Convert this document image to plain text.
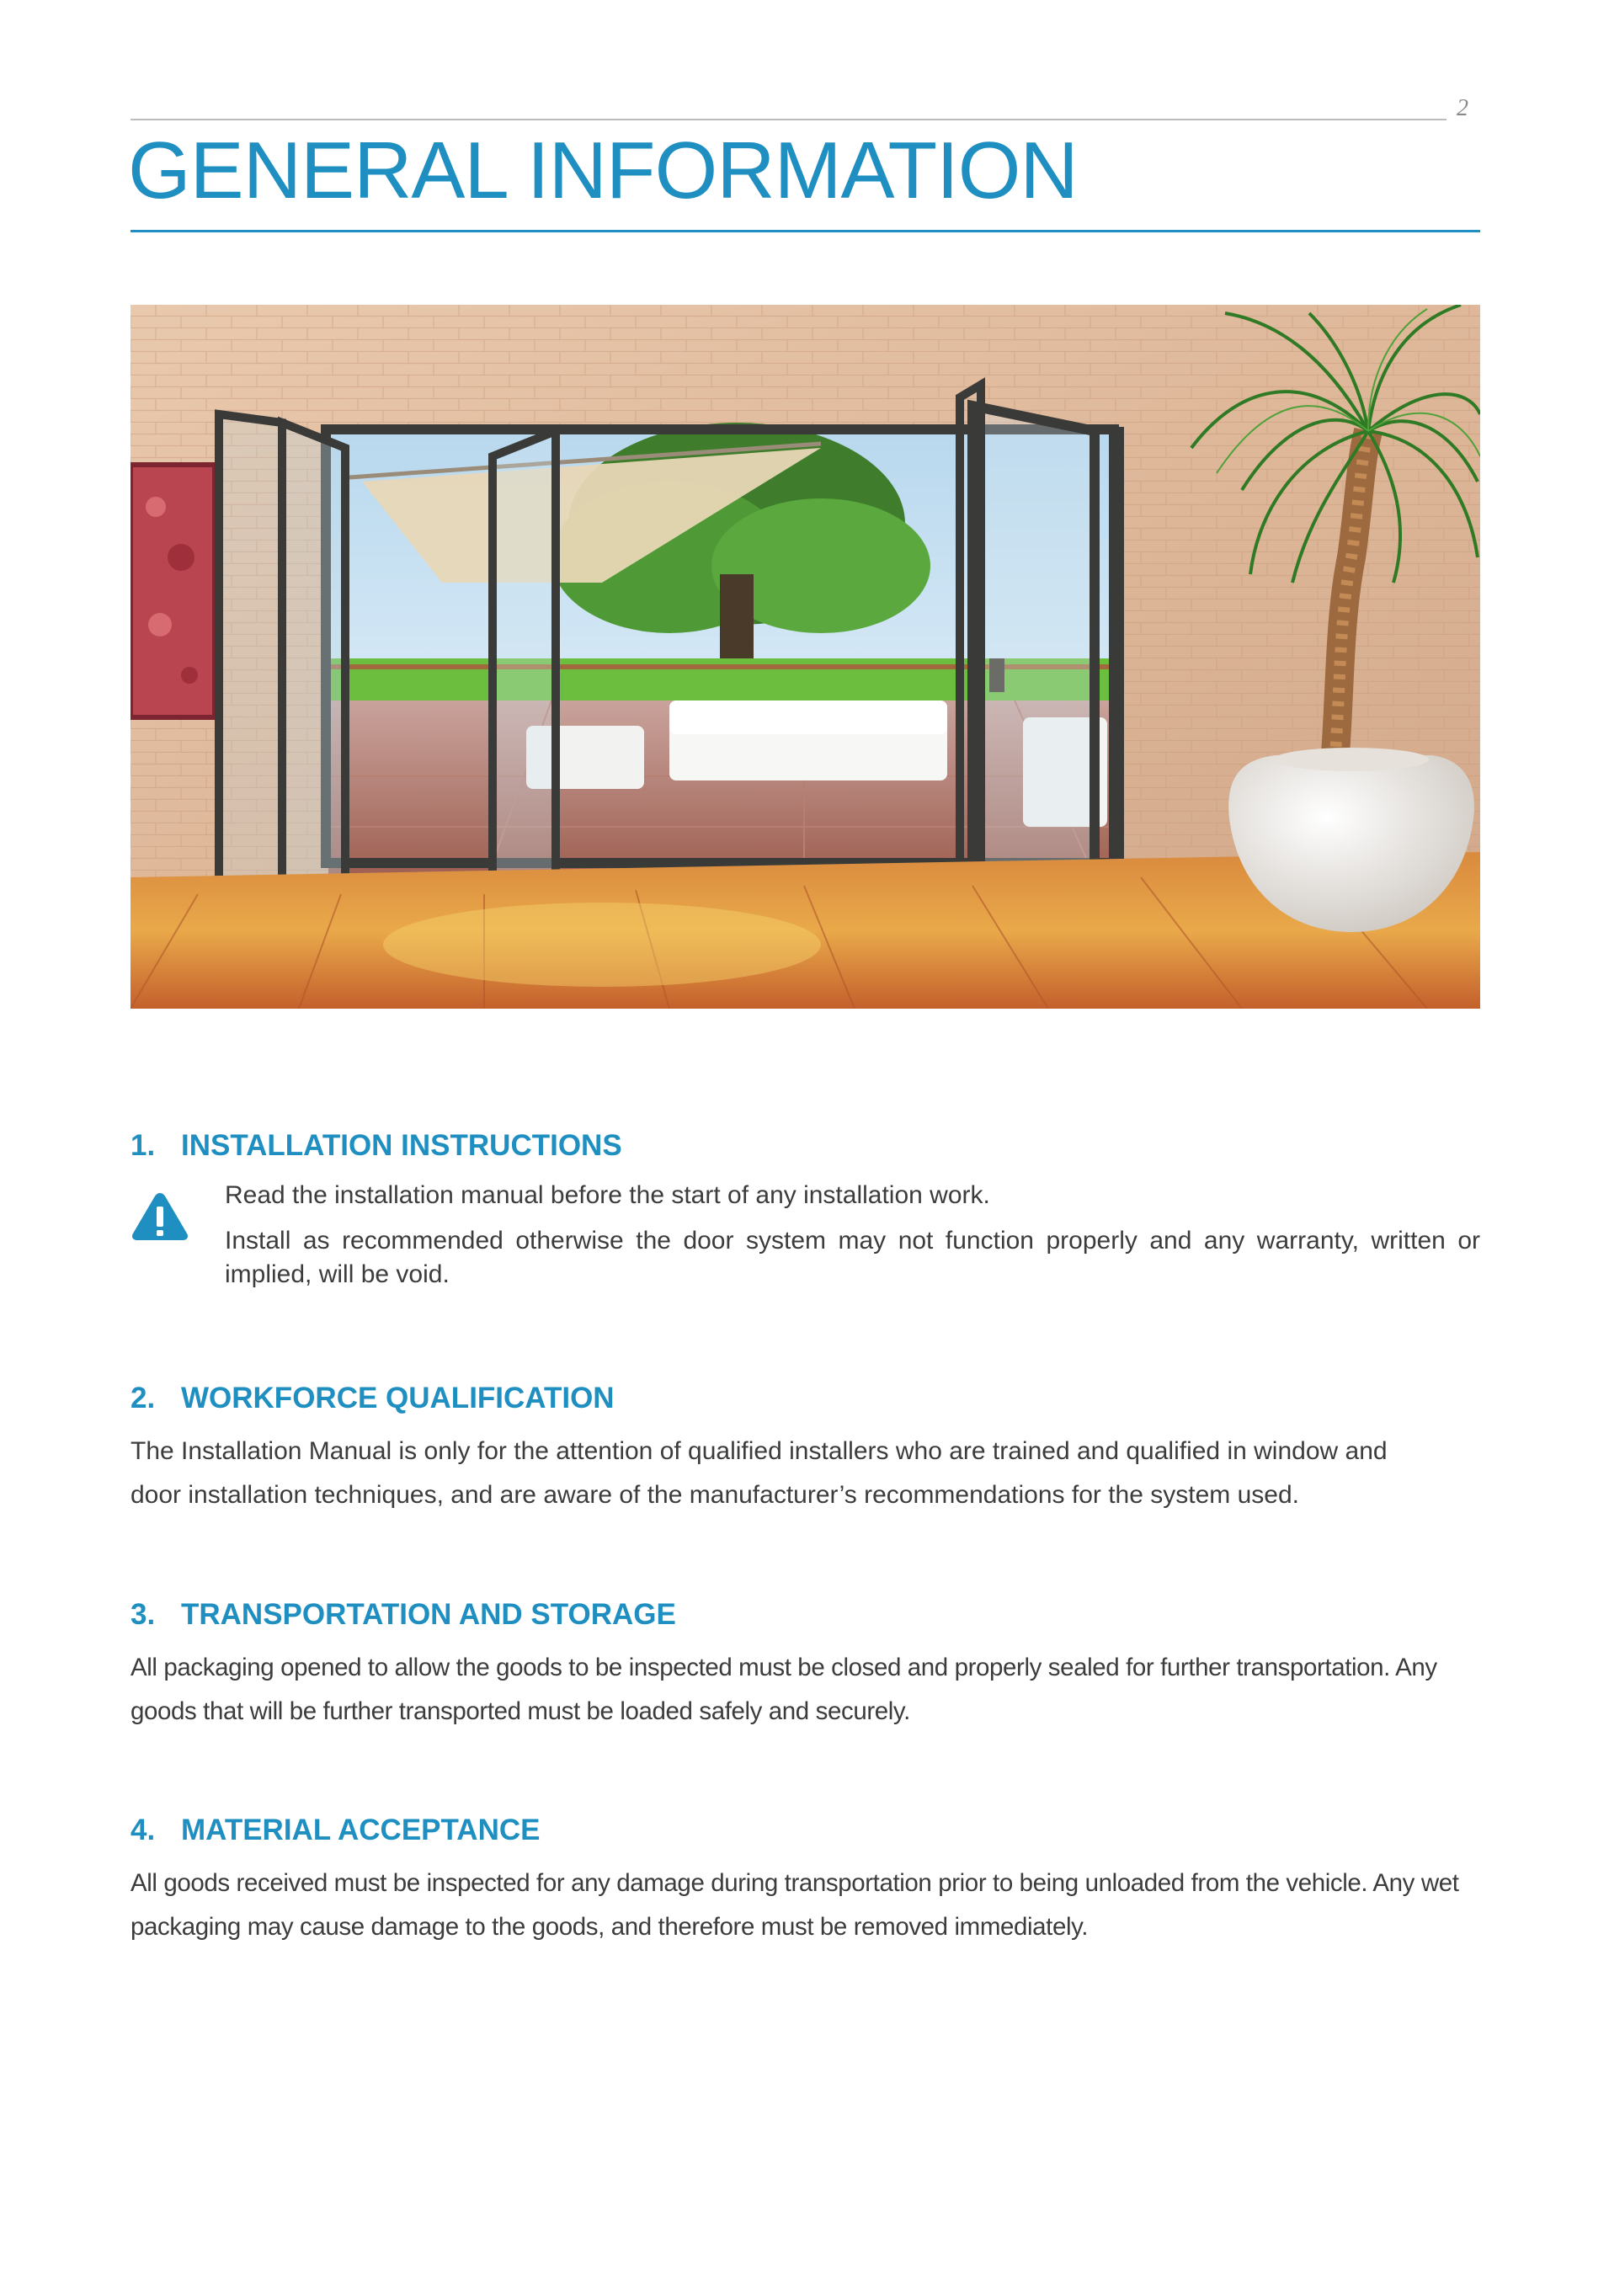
2
GENERAL INFORMATION
1. INSTALLATION INSTRUCTIONS

Read the installation manual before the start of any installation work.

Install as recommended otherwise the door system may not function properly and any warranty, written or implied, will be void.

2. WORKFORCE QUALIFICATION

The Installation Manual is only for the attention of qualified installers who are trained and qualified in window and door installation techniques, and are aware of the manufacturer’s recommendations for the system used.

3. TRANSPORTATION AND STORAGE

All packaging opened to allow the goods to be inspected must be closed and properly sealed for further transportation. Any goods that will be further transported must be loaded safely and securely.

4. MATERIAL ACCEPTANCE

All goods received must be inspected for any damage during transportation prior to being unloaded from the vehicle. Any wet packaging may cause damage to the goods, and therefore must be removed immediately.
